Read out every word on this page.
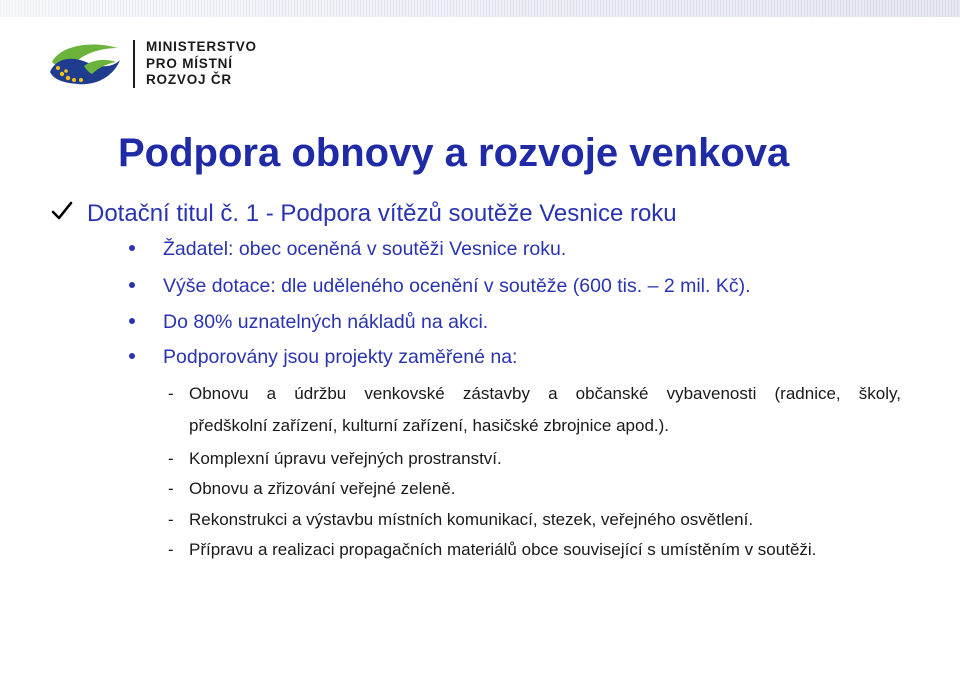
MINISTERSTVO
PRO MÍSTNÍ
ROZVOJ ČR
Podpora obnovy a rozvoje venkova
Dotační titul č. 1 - Podpora vítězů soutěže Vesnice roku
Žadatel: obec oceněná v soutěži Vesnice roku.
Výše dotace: dle uděleného ocenění v soutěže (600 tis. – 2 mil. Kč).
Do 80% uznatelných nákladů na akci.
Podporovány jsou projekty zaměřené na:
- Obnovu a údržbu venkovské zástavby a občanské vybavenosti (radnice, školy,
předškolní zařízení, kulturní zařízení, hasičské zbrojnice apod.).
- Komplexní úpravu veřejných prostranství.
- Obnovu a zřizování veřejné zeleně.
- Rekonstrukci a výstavbu místních komunikací, stezek, veřejného osvětlení.
- Přípravu a realizaci propagačních materiálů obce související s umístěním v soutěži.
